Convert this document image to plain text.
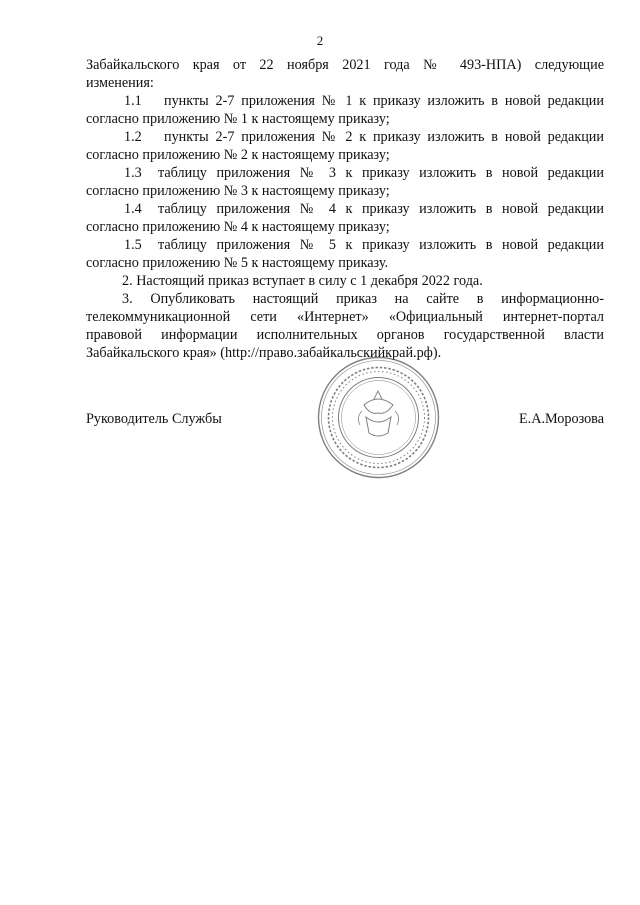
2
Забайкальского края от 22 ноября 2021 года № 493-НПА) следующие
изменения:
1.1 пункты 2-7 приложения № 1 к приказу изложить в новой редакции
согласно приложению № 1 к настоящему приказу;
1.2 пункты 2-7 приложения № 2 к приказу изложить в новой редакции
согласно приложению № 2 к настоящему приказу;
1.3 таблицу приложения № 3 к приказу изложить в новой редакции
согласно приложению № 3 к настоящему приказу;
1.4 таблицу приложения № 4 к приказу изложить в новой редакции
согласно приложению № 4 к настоящему приказу;
1.5 таблицу приложения № 5 к приказу изложить в новой редакции
согласно приложению № 5 к настоящему приказу.
2. Настоящий приказ вступает в силу с 1 декабря 2022 года.
3. Опубликовать настоящий приказ на сайте в информационно-
телекоммуникационной сети «Интернет» «Официальный интернет-портал
правовой информации исполнительных органов государственной власти
Забайкальского края» (http://право.забайкальскийкрай.рф).
Руководитель Службы	Е.А.Морозова
